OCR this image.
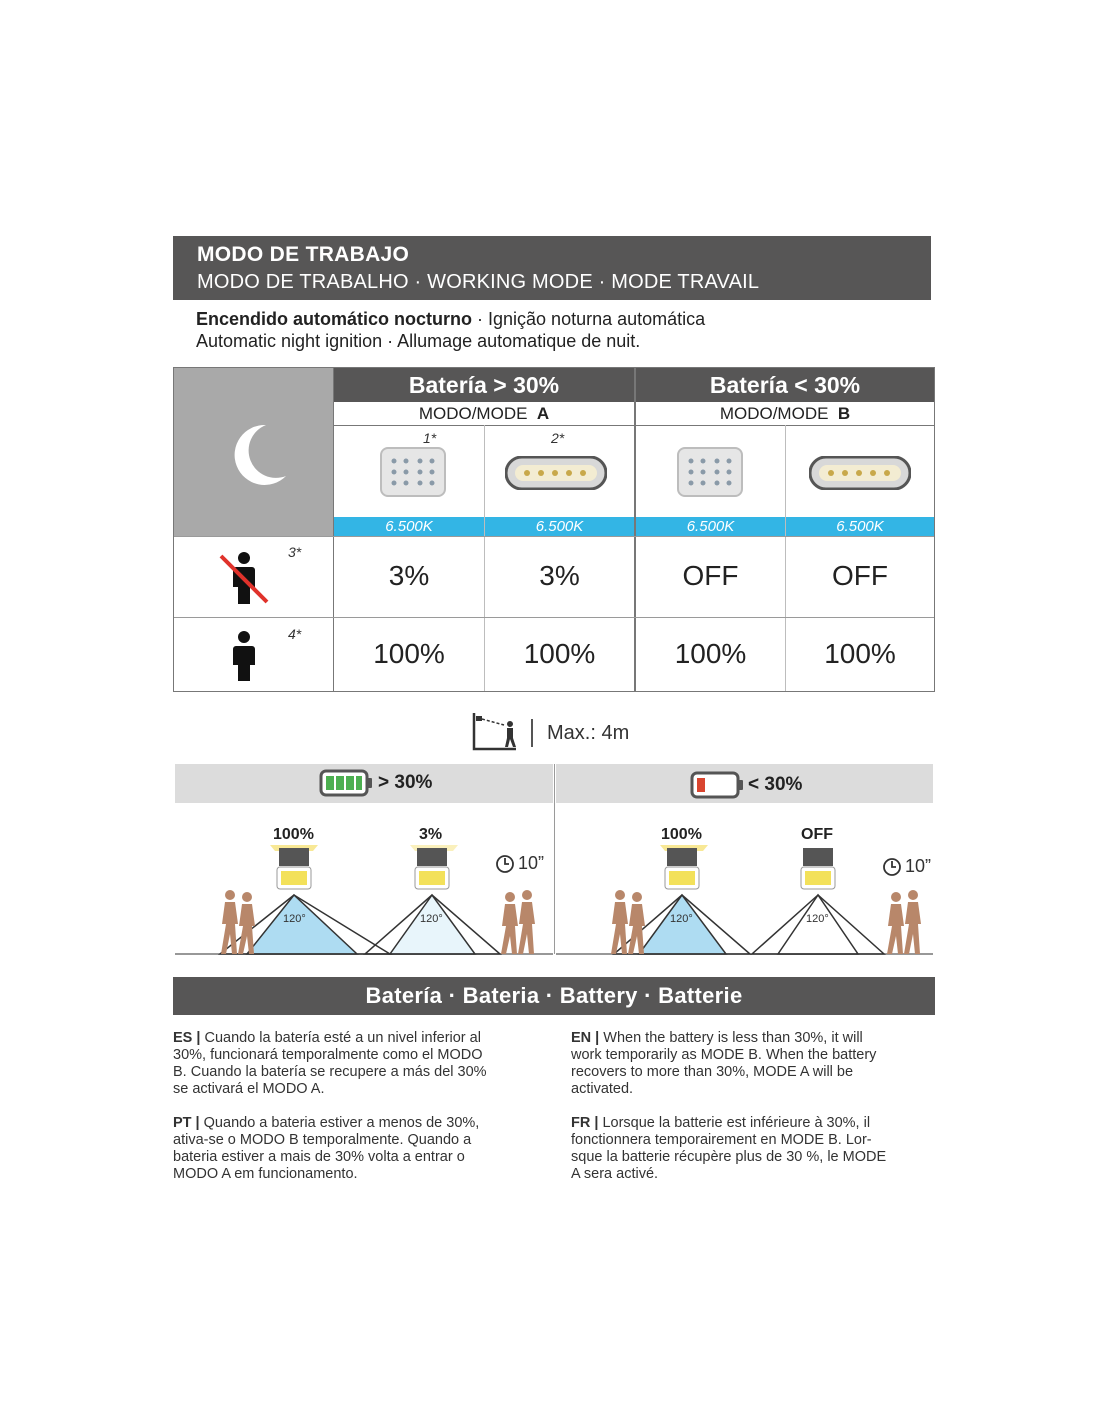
MODO DE TRABAJO
MODO DE TRABALHO · WORKING MODE · MODE TRAVAIL
Encendido automático nocturno · Ignição noturna automática
Automatic night ignition · Allumage automatique de nuit.
Batería > 30%	Batería < 30%
MODO/MODE A	MODO/MODE B
1*	2*
6.500K	6.500K	6.500K	6.500K
3*
3%	3%	OFF	OFF
4*
100%	100%	100%	100%
Max.: 4m
> 30%	< 30%
100%	3%
10”
120°	120°
100%	OFF
10”
120°	120°
Batería · Bateria · Battery · Batterie
ES | Cuando la batería esté a un nivel inferior al
30%, funcionará temporalmente como el MODO
B. Cuando la batería se recupere a más del 30%
se activará el MODO A.
PT | Quando a bateria estiver a menos de 30%,
ativa-se o MODO B temporalmente. Quando a
bateria estiver a mais de 30% volta a entrar o
MODO A em funcionamento.
EN | When the battery is less than 30%, it will
work temporarily as MODE B. When the battery
recovers to more than 30%, MODE A will be
activated.
FR | Lorsque la batterie est inférieure à 30%, il
fonctionnera temporairement en MODE B. Lor-
sque la batterie récupère plus de 30 %, le MODE
A sera activé.
